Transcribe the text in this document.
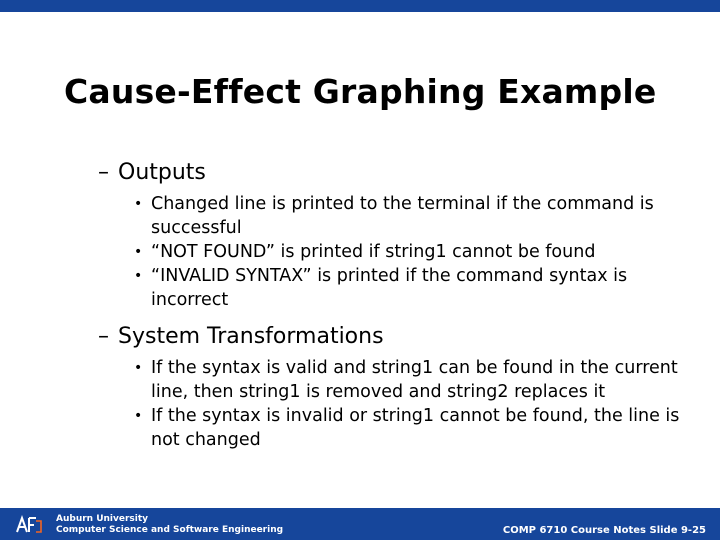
Cause-Effect Graphing Example

– Outputs

• Changed line is printed to the terminal if the command is successful
• “NOT FOUND” is printed if string1 cannot be found
• “INVALID SYNTAX” is printed if the command syntax is incorrect

– System Transformations

• If the syntax is valid and string1 can be found in the current line, then string1 is removed and string2 replaces it
• If the syntax is invalid or string1 cannot be found, the line is not changed
Auburn University
Computer Science and Software Engineering	COMP 6710 Course Notes Slide 9-25
